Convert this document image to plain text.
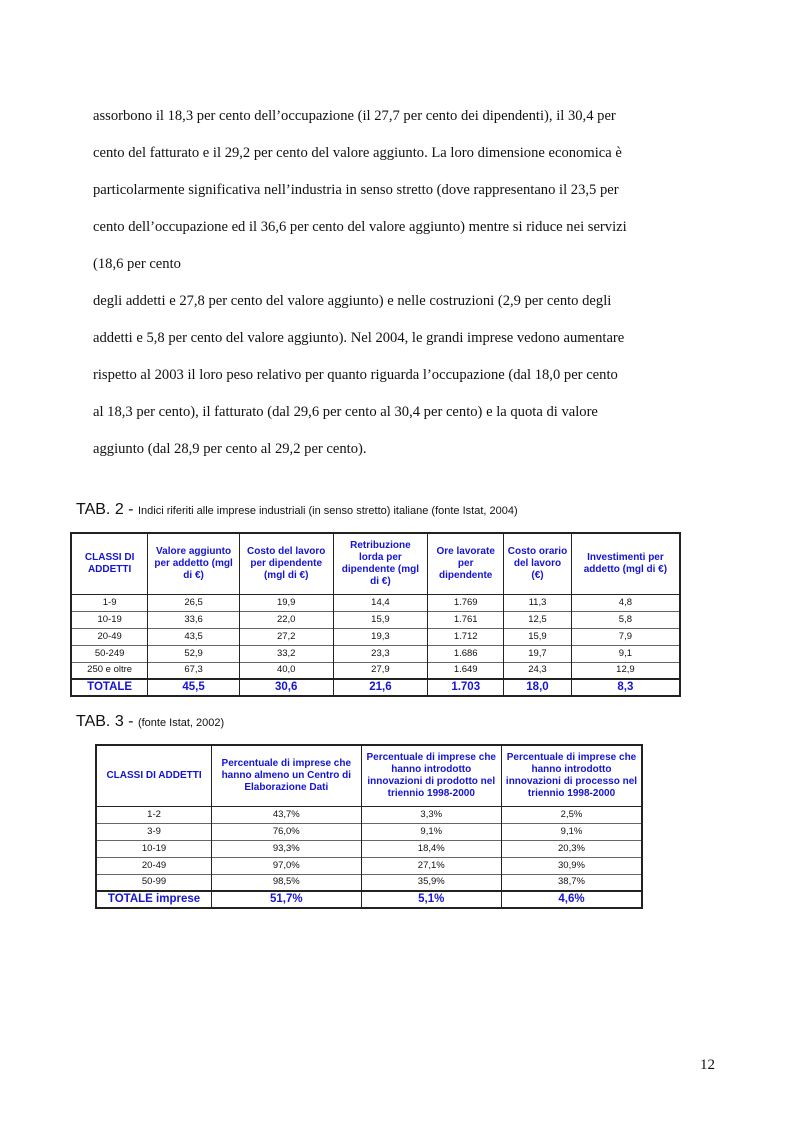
assorbono il 18,3 per cento dell’occupazione (il 27,7 per cento dei dipendenti), il 30,4 per
cento del fatturato e il 29,2 per cento del valore aggiunto. La loro dimensione economica è
particolarmente significativa nell’industria in senso stretto (dove rappresentano il 23,5 per
cento dell’occupazione ed il 36,6 per cento del valore aggiunto) mentre si riduce nei servizi
(18,6 per cento
degli addetti e 27,8 per cento del valore aggiunto) e nelle costruzioni (2,9 per cento degli
addetti e 5,8 per cento del valore aggiunto). Nel 2004, le grandi imprese vedono aumentare
rispetto al 2003 il loro peso relativo per quanto riguarda l’occupazione (dal 18,0 per cento
al 18,3 per cento), il fatturato (dal 29,6 per cento al 30,4 per cento) e la quota di valore
aggiunto (dal 28,9 per cento al 29,2 per cento).
TAB. 2 - Indici riferiti alle imprese industriali (in senso stretto) italiane (fonte Istat, 2004)
CLASSI DI ADDETTI	Valore aggiunto per addetto (mgl di €)	Costo del lavoro per dipendente (mgl di €)	Retribuzione lorda per dipendente (mgl di €)	Ore lavorate per dipendente	Costo orario del lavoro (€)	Investimenti per addetto (mgl di €)
1-9	26,5	19,9	14,4	1.769	11,3	4,8
10-19	33,6	22,0	15,9	1.761	12,5	5,8
20-49	43,5	27,2	19,3	1.712	15,9	7,9
50-249	52,9	33,2	23,3	1.686	19,7	9,1
250 e oltre	67,3	40,0	27,9	1.649	24,3	12,9
TOTALE	45,5	30,6	21,6	1.703	18,0	8,3
TAB. 3 - (fonte Istat, 2002)
CLASSI DI ADDETTI	Percentuale di imprese che hanno almeno un Centro di Elaborazione Dati	Percentuale di imprese che hanno introdotto innovazioni di prodotto nel triennio 1998-2000	Percentuale di imprese che hanno introdotto innovazioni di processo nel triennio 1998-2000
1-2	43,7%	3,3%	2,5%
3-9	76,0%	9,1%	9,1%
10-19	93,3%	18,4%	20,3%
20-49	97,0%	27,1%	30,9%
50-99	98,5%	35,9%	38,7%
TOTALE imprese	51,7%	5,1%	4,6%
12
